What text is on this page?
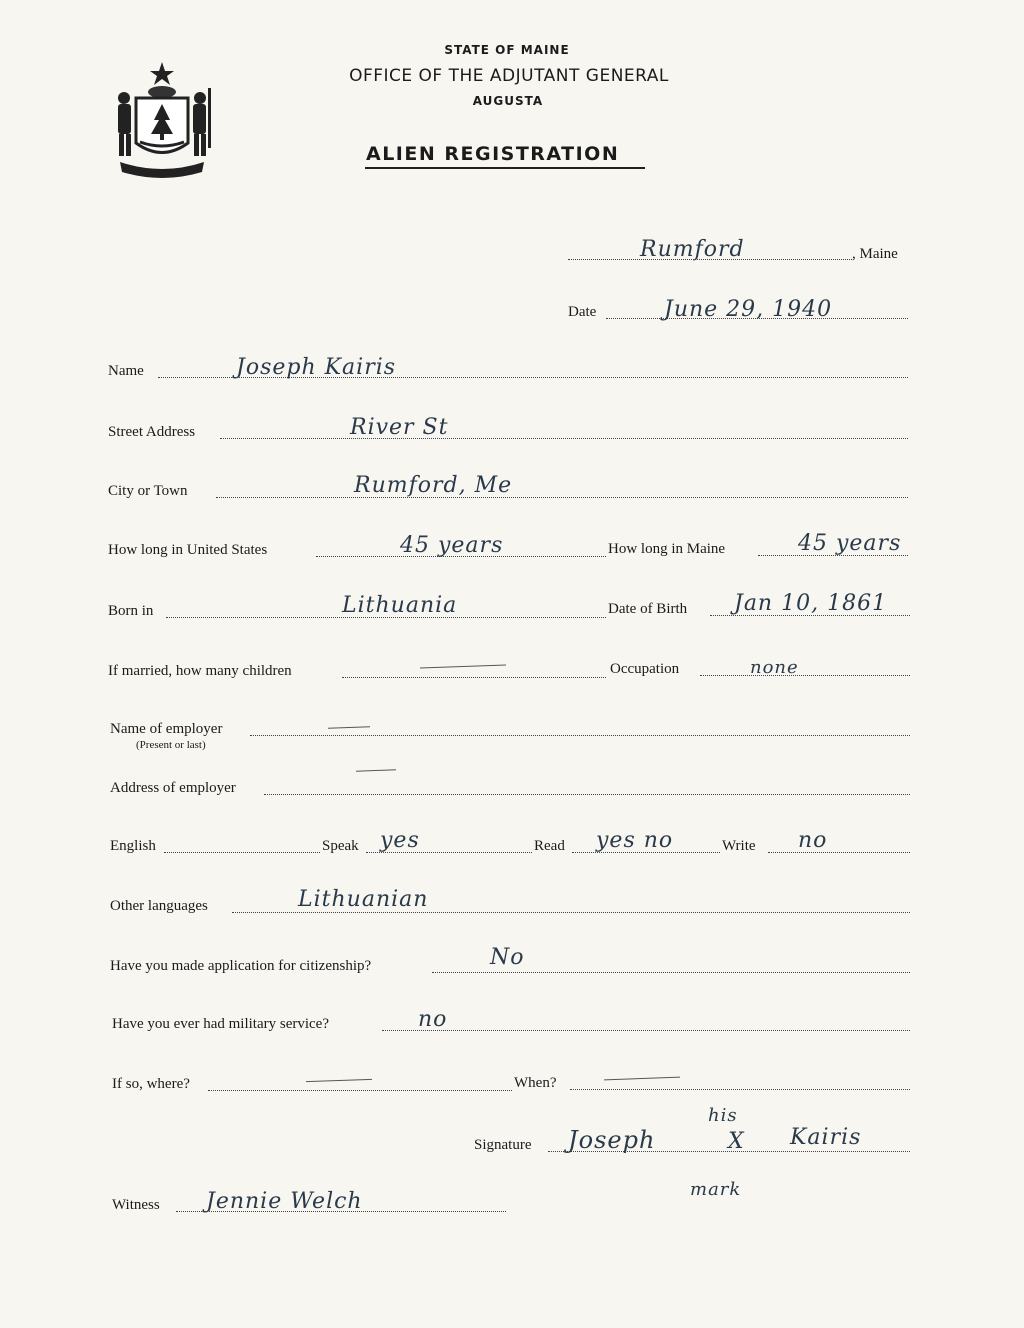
STATE OF MAINE
OFFICE OF THE ADJUTANT GENERAL
AUGUSTA
ALIEN REGISTRATION
Rumford	, Maine
Date	June 29, 1940
Name	Joseph Kairis
Street Address	River St
City or Town	Rumford, Me
How long in United States	45 years	How long in Maine	45 years
Born in	Lithuania	Date of Birth Jan 10, 1861
If married, how many children	Occupation	none
Name of employer
(Present or last)
Address of employer
English	Speak yes	Read yes no	Write no
Other languages	Lithuanian
Have you made application for citizenship?	No
Have you ever had military service?	no
If so, where?	When?
Signature Joseph
his
X Kairis
mark
Witness Jennie Welch
